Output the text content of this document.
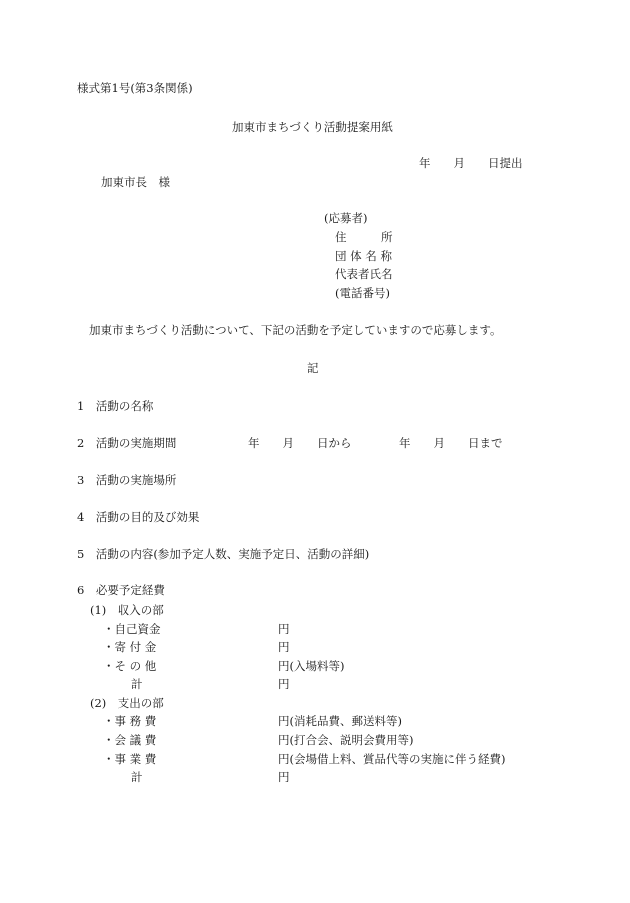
様式第1号(第3条関係)
加東市まちづくり活動提案用紙
年　　月　　日提出
加東市長　様
(応募者)
住　　　所
団 体 名 称
代表者氏名
(電話番号)
加東市まちづくり活動について、下記の活動を予定していますので応募します。
記
1　活動の名称
2　活動の実施期間	年　　月　　日から	年　　月　　日まで
3　活動の実施場所
4　活動の目的及び効果
5　活動の内容(参加予定人数、実施予定日、活動の詳細)
6　必要予定経費
(1)　収入の部
・自己資金	円
・寄 付 金	円
・そ の 他	円(入場料等)
計	円
(2)　支出の部
・事 務 費	円(消耗品費、郵送料等)
・会 議 費	円(打合会、説明会費用等)
・事 業 費	円(会場借上料、賞品代等の実施に伴う経費)
計	円
